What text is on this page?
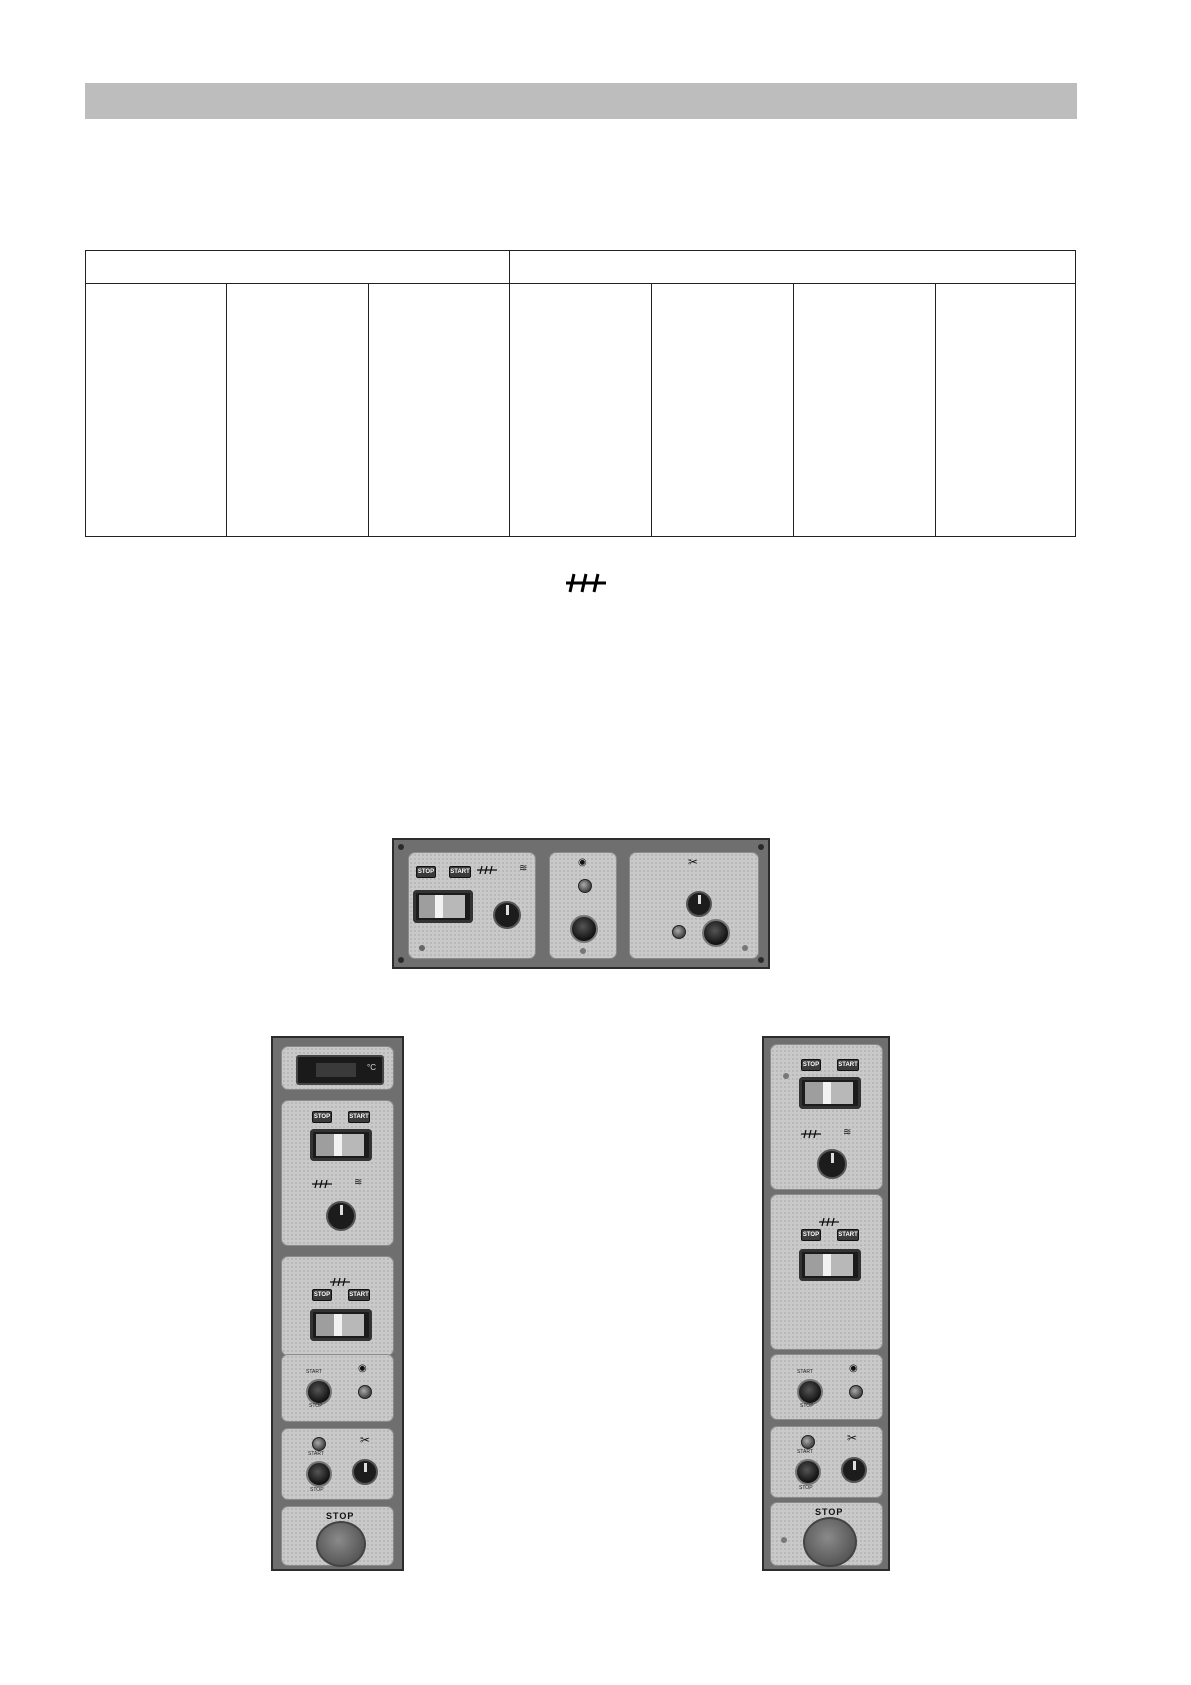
STOP	START	≋
◉	✂
°C
STOP	START
≋
STOP	START
START
STOP
◉
START
STOP
✂
STOP
STOP	START
≋
STOP	START
START
STOP
◉
START
STOP
✂
STOP
